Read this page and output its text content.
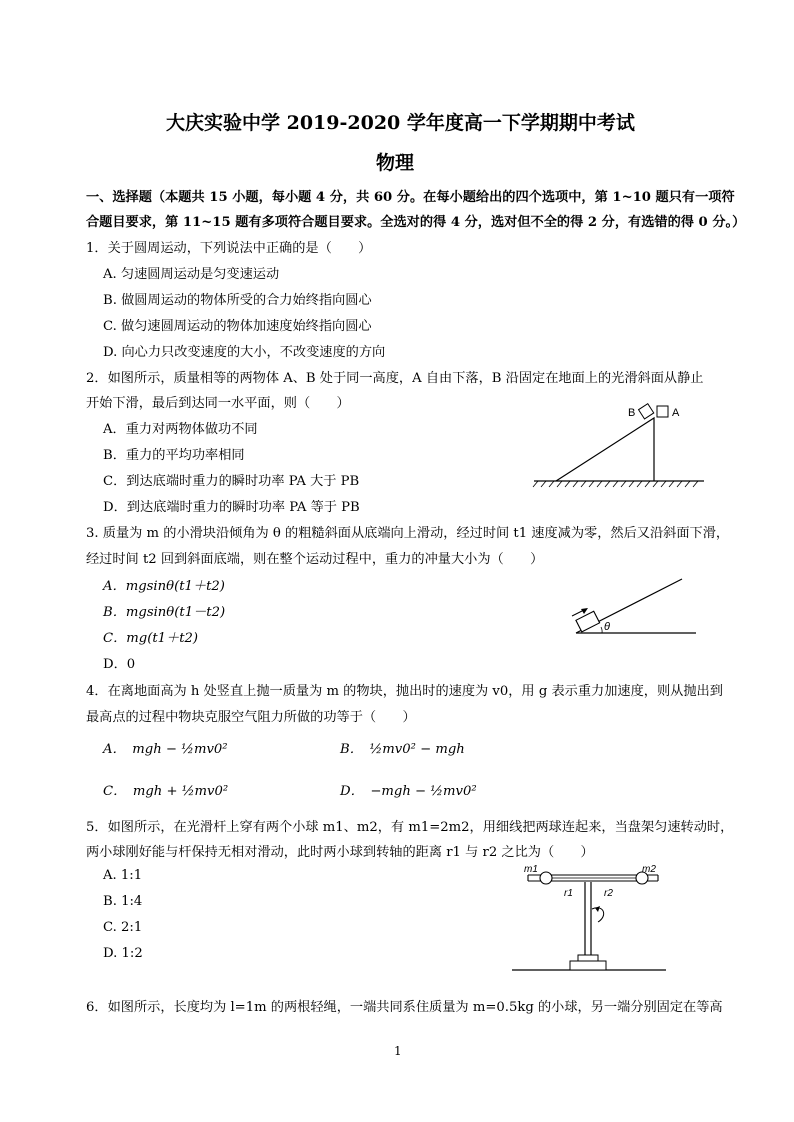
大庆实验中学 2019-2020 学年度高一下学期期中考试
物理
一、选择题（本题共 15 小题，每小题 4 分，共 60 分。在每小题给出的四个选项中，第 1~10 题只有一项符
合题目要求，第 11~15 题有多项符合题目要求。全选对的得 4 分，选对但不全的得 2 分，有选错的得 0 分。）
1．关于圆周运动，下列说法中正确的是（　　）
A. 匀速圆周运动是匀变速运动
B. 做圆周运动的物体所受的合力始终指向圆心
C. 做匀速圆周运动的物体加速度始终指向圆心
D. 向心力只改变速度的大小，不改变速度的方向
2．如图所示，质量相等的两物体 A、B 处于同一高度，A 自由下落，B 沿固定在地面上的光滑斜面从静止
开始下滑，最后到达同一水平面，则（　　）
A．重力对两物体做功不同
B．重力的平均功率相同
C．到达底端时重力的瞬时功率 PA 大于 PB
D．到达底端时重力的瞬时功率 PA 等于 PB
B	A
3. 质量为 m 的小滑块沿倾角为 θ 的粗糙斜面从底端向上滑动，经过时间 t1 速度减为零，然后又沿斜面下滑，
经过时间 t2 回到斜面底端，则在整个运动过程中，重力的冲量大小为（　　）
A．mgsinθ(t1＋t2)
B．mgsinθ(t1－t2)
C．mg(t1＋t2)
D．0
θ
4．在离地面高为 h 处竖直上抛一质量为 m 的物块，抛出时的速度为 v0，用 g 表示重力加速度，则从抛出到
最高点的过程中物块克服空气阻力所做的功等于（　　）
A．　mgh − ½mv0²	B．　½mv0² − mgh
C．　mgh + ½mv0²	D．　−mgh − ½mv0²
5．如图所示，在光滑杆上穿有两个小球 m1、m2，有 m1=2m2，用细线把两球连起来，当盘架匀速转动时，
两小球刚好能与杆保持无相对滑动，此时两小球到转轴的距离 r1 与 r2 之比为（　　）
A. 1:1
B. 1:4
C. 2:1
D. 1:2
m1	m2
r1	r2
6．如图所示，长度均为 l=1m 的两根轻绳，一端共同系住质量为 m=0.5kg 的小球，另一端分别固定在等高
1
